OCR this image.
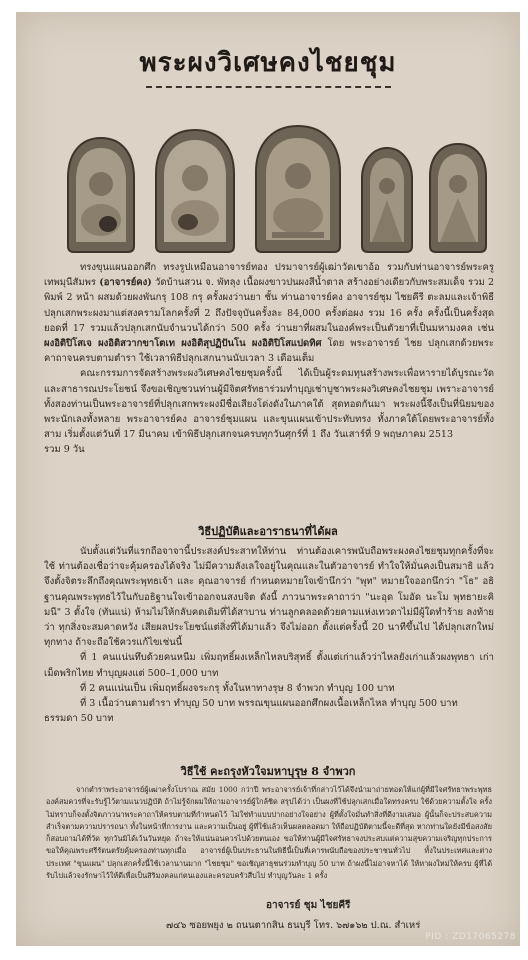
พระผงวิเศษคงไชยชุม

ทรงขุนแผนออกศึก ทรงรูปเหมือนอาจารย์ทอง ปรมาจารย์ผู้เฒ่าวัดเขาอ้อ รวมกับท่านอาจารย์พระครูเทพมุนีสัมพร (อาจารย์คง) วัดบ้านสวน จ. พัทลุง เนื้อผงขาวปนผงสีน้ำตาล สร้างอย่างเดียวกับพระสมเด็จ รวม 2 พิมพ์ 2 หน้า ผสมด้วยผงพันกรุ 108 กรุ ครั้งผงว่านยา ชั้น ท่านอาจารย์คง อาจารย์ชุม ไชยคีรี ตะลมและเจ้าพิธีปลุกเสกพระผงมาแต่สงครามโลกครั้งที่ 2 ถึงปัจจุบันครั้งละ 84,000 ครั้งต่อผง รวม 16 ครั้ง ครั้งนี้เป็นครั้งสุดยอดที่ 17 รวมแล้วปลุกเสกนับจำนวนได้กว่า 500 ครั้ง ว่านยาที่ผสมในองค์พระเป็นตัวยาที่เป็นมหามงคล เช่น ผงอิติปิโสเจ ผงอิติสวากขาโตเท ผงอิติสุปฏิปันโน ผงอิติปิโสแปดทิศ โดย พระอาจารย์ ไชย ปลุกเสกด้วยพระคาถาจนครบตามตำรา ใช้เวลาพิธีปลุกเสกนานนับเวลา 3 เดือนเต็ม

คณะกรรมการจัดสร้างพระผงวิเศษคงไชยชุมครั้งนี้ ได้เป็นผู้ระดมทุนสร้างพระเพื่อหารายได้บูรณะวัดและสาธารณประโยชน์ จึงขอเชิญชวนท่านผู้มีจิตศรัทธาร่วมทำบุญเช่าบูชาพระผงวิเศษคงไชยชุม เพราะอาจารย์ทั้งสองท่านเป็นพระอาจารย์ที่ปลุกเสกพระผงมีชื่อเสียงโด่งดังในภาคใต้ สุดทอดกันมา พระผงนี้จึงเป็นที่นิยมของพระนักเลงทั้งหลาย พระอาจารย์คง อาจารย์ชุมแผน และขุนแผนเข้าประทับทรง ทั้งภาคใต้โดยพระอาจารย์ทั้งสาม เริ่มตั้งแต่วันที่ 17 มีนาคม เข้าพิธีปลุกเสกจนครบทุกวันศุกร์ที่ 1 ถึง วันเสาร์ที่ 9 พฤษภาคม 2513

รวม 9 วัน

วิธีปฏิบัติและอาราธนาที่ได้ผล

นับตั้งแต่วันที่แรกถือจาจานี้ประสงค์ประสาทให้ท่าน ท่านต้องเคารพนับถือพระผงคงไชยชุมทุกครั้งที่จะใช้ ท่านต้องเชื่อว่าจะคุ้มครองได้จริง ไม่มีความลังเลใจอยู่ในคุณและในตัวอาจารย์ ทำใจให้มั่นคงเป็นสมาธิ แล้วจึงตั้งจิตระลึกถึงคุณพระพุทธเจ้า และ คุณอาจารย์ กำหนดหมายใจเข้านึกว่า "พุท" หมายใจออกนึกว่า "โธ" อธิฐานคุณพระพุทธไว้ในกับอธิฐานใจเข้าออกจนสงบจิต ดังนี้ ภาวนาพระคาถาว่า "นะอุด โมอัด นะโม พุทธายะคิมนี" 3 ตั้งใจ (ทันแน่) ห้ามไม่ให้กลับคดเดิมที่ได้สาบาน ท่านลูกคลอดด้วยคามแห่งเทวดาไม่มีผู้ใดทำร้าย ลงท้ายว่า ทุกสิ่งจะสมคาดหวัง เสียผลประโยชน์แต่สิ่งที่ได้มาแล้ว จึงไม่ออก ตั้งแต่ครั้งนี้ 20 นาทีขึ้นไป ได้ปลุกเสกใหม่ทุกทาง ถ้าจะถือใช้ควรแก้ไขเช่นนี้

ที่ 1 คนแน่นทึบด้วยคนหนีม เพิ่มฤทธิ์ผงเหล็กไหลบริสุทธิ์ ตั้งแต่เก่าแล้วว่าไหลยังเก่าแล้วผงพุทธา เก่าเม็ดพริกไทย ทำบุญผงแต่ 500–1,000 บาท

ที่ 2 คนแน่นเป็น เพิ่มฤทธิ์ผงจระกรุ ทั้งในหาทางรุษ 8 จำพวก ทำบุญ 100 บาท

ที่ 3 เนื้อว่านตามตำรา ทำบุญ 50 บาท พรรณขุนแผนออกศึกผงเนื้อเหล็กไหล ทำบุญ 500 บาท

ธรรมดา 50 บาท

วิธีใช้ คะถรุงหัวใจมหาบุรุษ 8 จำพวก

จากตำราพระอาจารย์ผู้เฒ่าครั้งโบราณ สมัย 1000 กว่าปี พระอาจารย์เจ้าที่กล่าวไว้ได้จึงนำมาถ่ายทอดให้แก่ผู้ที่มีใจศรัทธาพระพุทธองค์สมควรที่จะรับรู้ไว้ตามแนวปฏิบัติ ถ้าไม่รู้จักผมให้ถามอาจารย์ผู้ใกล้ชิด สรุปได้ว่า เป็นผงที่ใช้ปลุกเสกเมื่อใดทรงครบ ใช้ด้วยความตั้งใจ ครั้งไม่ทราบก็จงตั้งจิตภาวนาพระคาถาให้ครบตามที่กำหนดไว้ ไม่ใช่ทำแบบปากอย่างใจอย่าง ผู้ที่ตั้งใจมั่นทำสิ่งที่ดีงามเสมอ ผู้นั้นก็จะประสบความสำเร็จตามความปรารถนา ทั้งในหน้าที่การงาน และความเป็นอยู่ ผู้ที่ใช้แล้วเห็นผลตลอดมา ให้ถือปฏิบัติตามนี้จะดีที่สุด หากท่านใดยังมีข้อสงสัยก็สอบถามได้ที่วัด ทุกวันมิได้เว้นวันหยุด ถ้าจะให้แน่นอนควรไปด้วยตนเอง ขอให้ท่านผู้มีใจศรัทธาจงประสบแต่ความสุขความเจริญทุกประการ ขอให้คุณพระศรีรัตนตรัยคุ้มครองท่านทุกเมื่อ อาจารย์ผู้เป็นประธานในพิธีนี้เป็นที่เคารพนับถือของประชาชนทั่วไป ทั้งในประเทศและต่างประเทศ "ขุนแผน" ปลุกเสกครั้งนี้ใช้เวลานานมาก "ไชยชุม" ขอเชิญสาธุชนร่วมทำบุญ 50 บาท ถ้าผงนี้ไม่อาจหาได้ ให้หาผงใหม่ให้ครบ ผู้ที่ได้รับไปแล้วจงรักษาไว้ให้ดีเพื่อเป็นสิริมงคลแก่ตนเองและครอบครัวสืบไป ทำบุญวันละ 1 ครั้ง

อาจารย์ ชุม ไชยคีรี
๗๔๖ ซอยพยุง ๒ ถนนตากสิน ธนบุรี โทร. ๖๗๑๖๒ ป.ณ. สำเหร่
PID : ZD17065278
